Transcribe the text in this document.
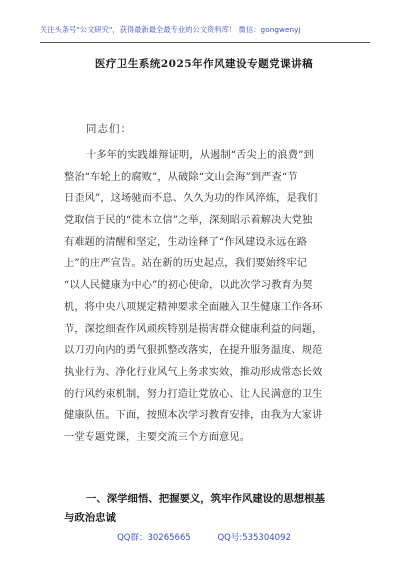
关注头条号"公文研究"，获得最新最全最专业的公文资料库！ 微信：gongwenyj
医疗卫生系统2025年作风建设专题党课讲稿
同志们：
十多年的实践雄辩证明，从遏制“舌尖上的浪费”到
整治“车轮上的腐败”，从破除“文山会海”到严查“节
日歪风”，这场驰而不息、久久为功的作风淬炼，是我们
党取信于民的“徙木立信”之举，深刻昭示着解决大党独
有难题的清醒和坚定，生动诠释了“作风建设永远在路
上”的庄严宣告。站在新的历史起点，我们要始终牢记
“以人民健康为中心”的初心使命，以此次学习教育为契
机，将中央八项规定精神要求全面融入卫生健康工作各环
节，深挖细查作风顽疾特别是损害群众健康利益的问题，
以刀刃向内的勇气狠抓整改落实，在提升服务温度、规范
执业行为、净化行业风气上务求实效，推动形成常态长效
的行风约束机制，努力打造让党放心、让人民满意的卫生
健康队伍。下面，按照本次学习教育安排，由我为大家讲
一堂专题党课，主要交流三个方面意见。
一、深学细悟、把握要义，筑牢作风建设的思想根基
与政治忠诚
QQ群：30265665	QQ号:535304092
